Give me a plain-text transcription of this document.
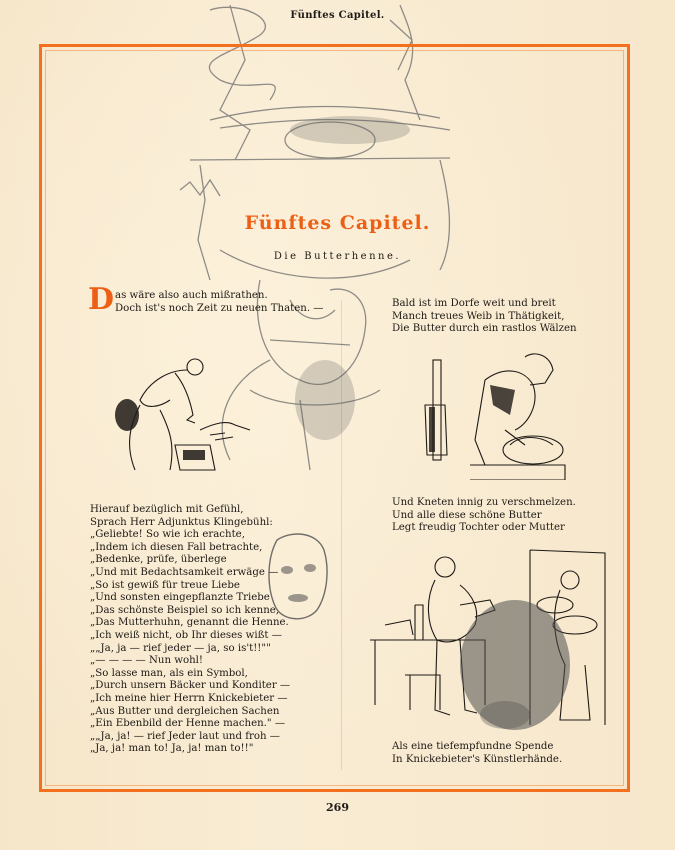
Fünftes Capitel.
Fünftes Capitel.
Die Butterhenne.
D as wäre also auch mißrathen.
Doch ist's noch Zeit zu neuen Thaten. —
Hierauf bezüglich mit Gefühl,
Sprach Herr Adjunktus Klingebühl:
„Geliebte! So wie ich erachte,
„Indem ich diesen Fall betrachte,
„Bedenke, prüfe, überlege
„Und mit Bedachtsamkeit erwäge —
„So ist gewiß für treue Liebe
„Und sonsten eingepflanzte Triebe
„Das schönste Beispiel so ich kenne,
„Das Mutterhuhn, genannt die Henne.
„Ich weiß nicht, ob Ihr dieses wißt —
„„Ja, ja — rief jeder — ja, so is't!!""
„— — — — Nun wohl!
„So lasse man, als ein Symbol,
„Durch unsern Bäcker und Konditer —
„Ich meine hier Herrn Knickebieter —
„Aus Butter und dergleichen Sachen
„Ein Ebenbild der Henne machen." —
„„Ja, ja! — rief Jeder laut und froh —
„Ja, ja! man to! Ja, ja! man to!!"
Bald ist im Dorfe weit und breit
Manch treues Weib in Thätigkeit,
Die Butter durch ein rastlos Wälzen
Und Kneten innig zu verschmelzen.
Und alle diese schöne Butter
Legt freudig Tochter oder Mutter
Als eine tiefempfundne Spende
In Knickebieter's Künstlerhände.
269
